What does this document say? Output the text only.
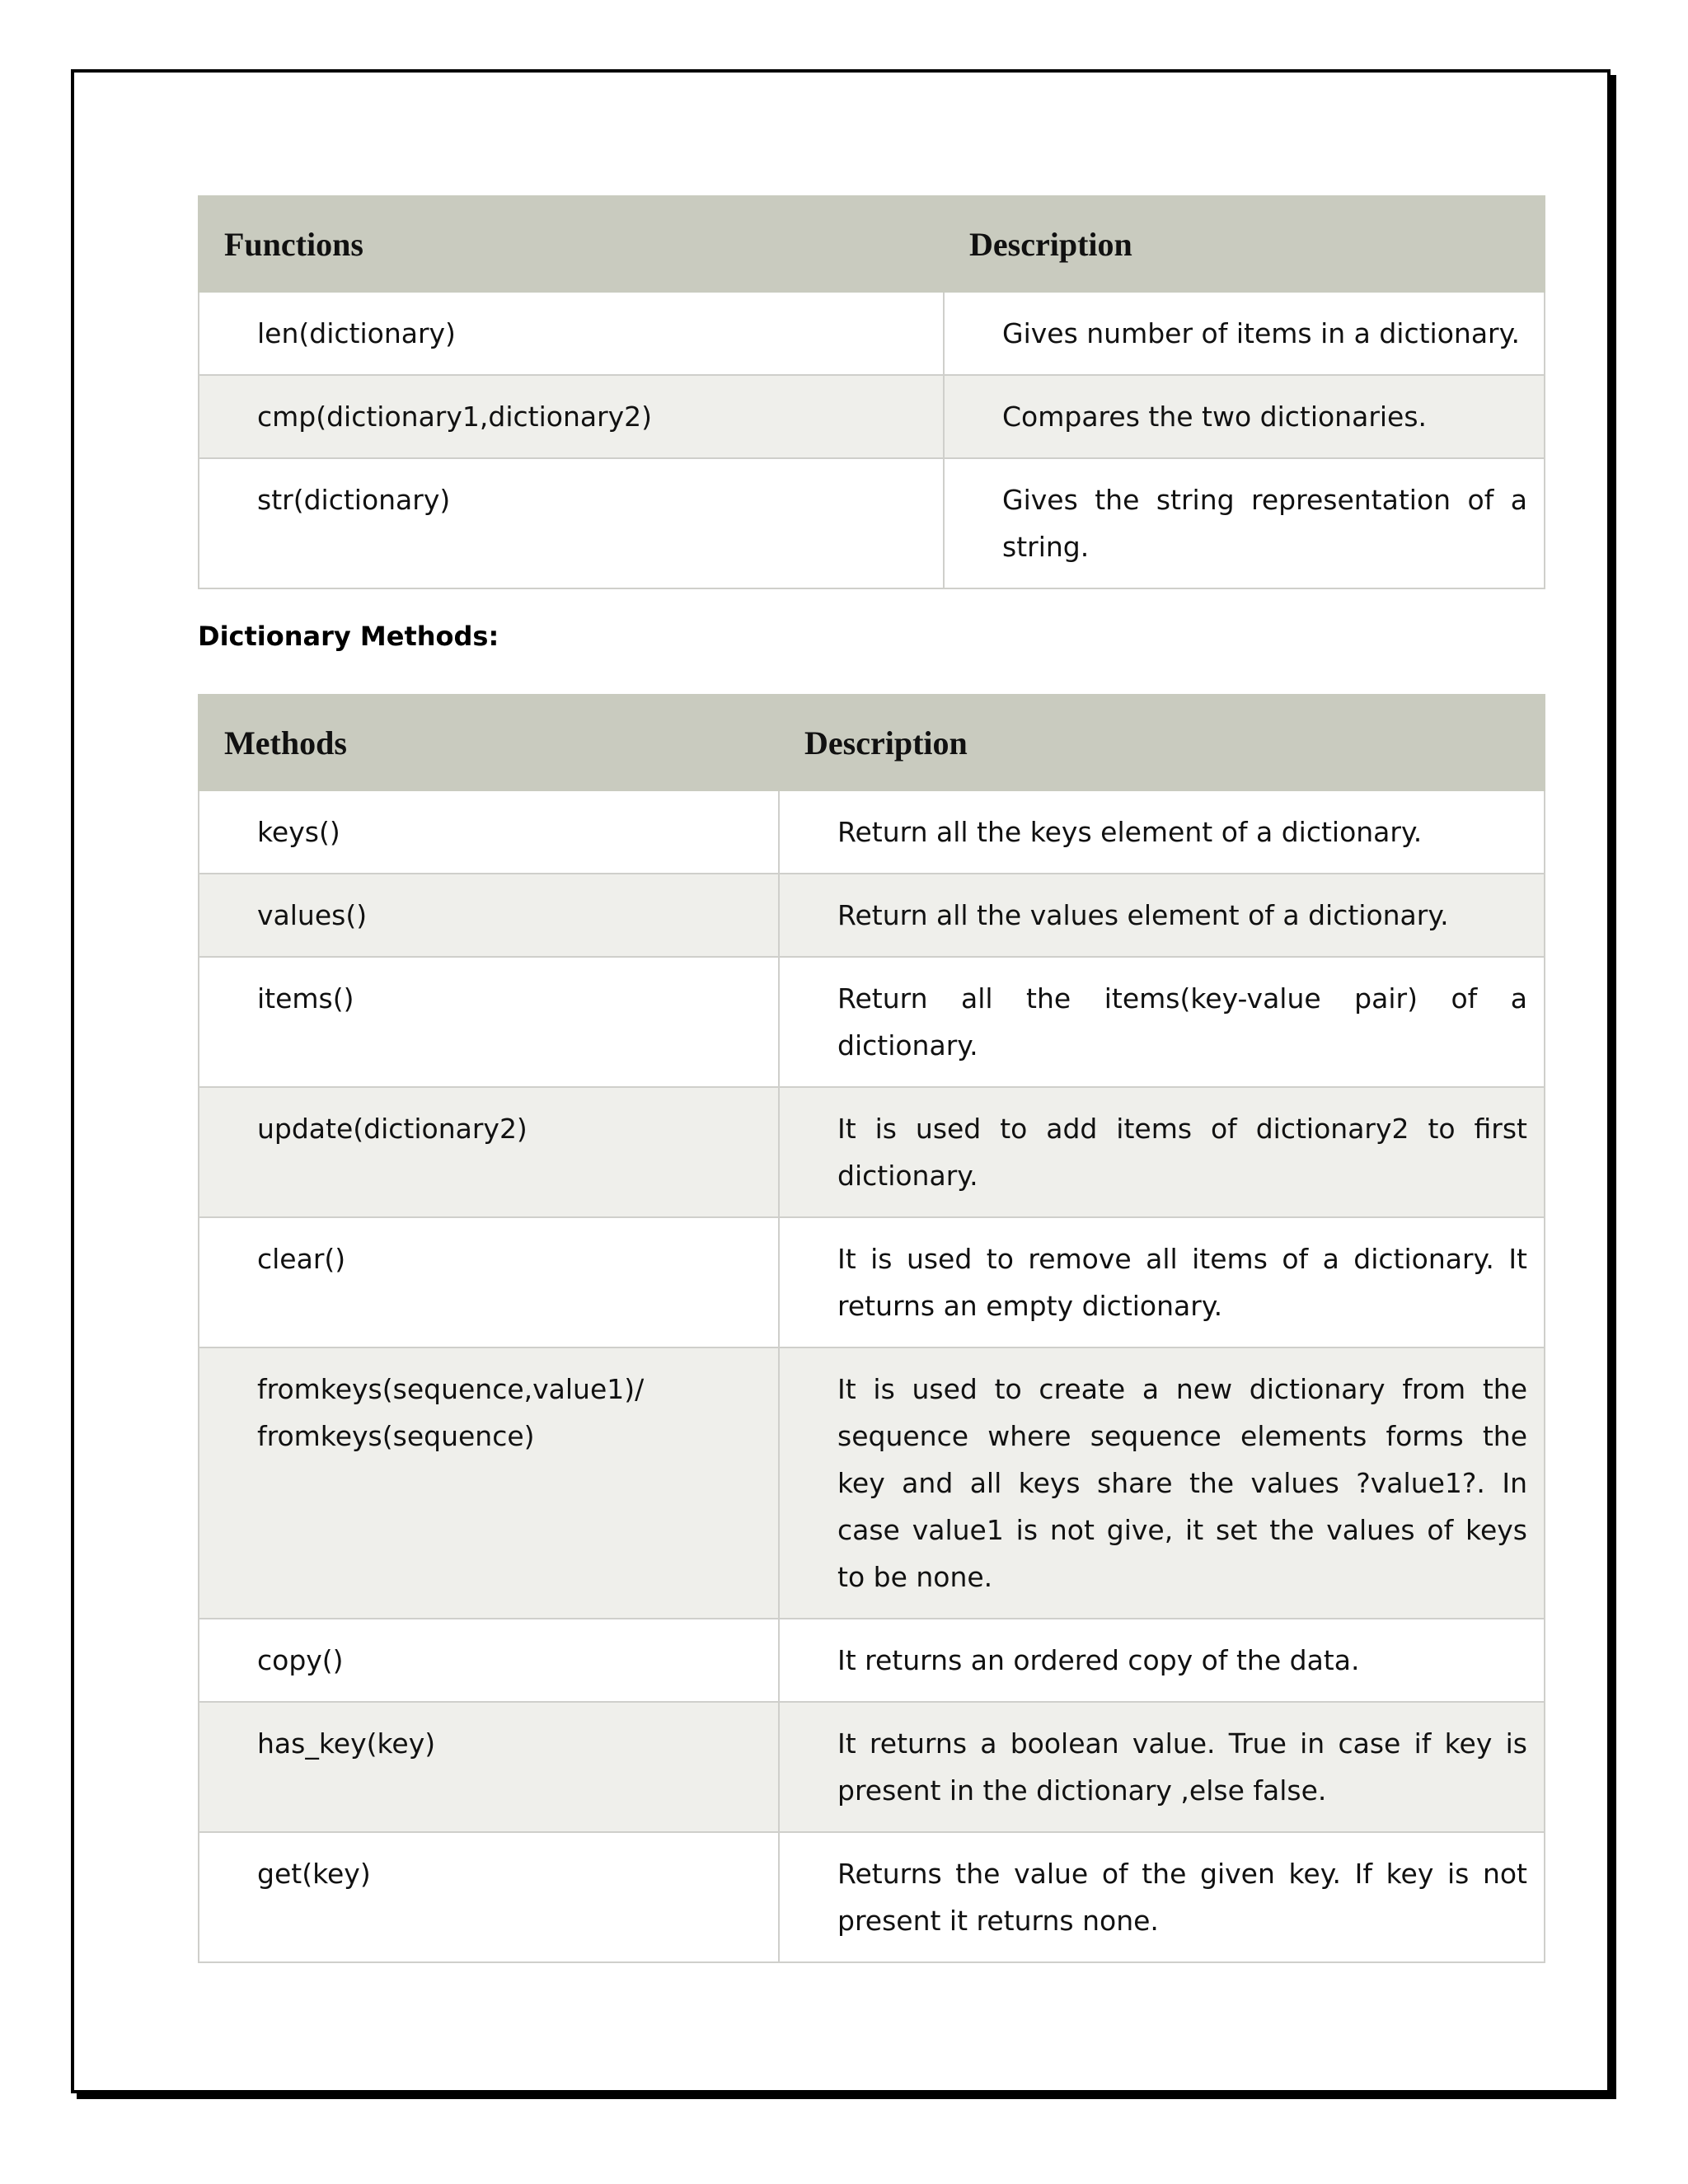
Functions	Description
len(dictionary)	Gives number of items in a dictionary.
cmp(dictionary1,dictionary2)	Compares the two dictionaries.
str(dictionary)	Gives the string representation of a string.

Dictionary Methods:

Methods	Description
keys()	Return all the keys element of a dictionary.
values()	Return all the values element of a dictionary.
items()	Return all the items(key-value pair) of a dictionary.
update(dictionary2)	It is used to add items of dictionary2 to first dictionary.
clear()	It is used to remove all items of a dictionary. It returns an empty dictionary.
fromkeys(sequence,value1)/ fromkeys(sequence)	It is used to create a new dictionary from the sequence where sequence elements forms the key and all keys share the values ?value1?. In case value1 is not give, it set the values of keys to be none.
copy()	It returns an ordered copy of the data.
has_key(key)	It returns a boolean value. True in case if key is present in the dictionary ,else false.
get(key)	Returns the value of the given key. If key is not present it returns none.
